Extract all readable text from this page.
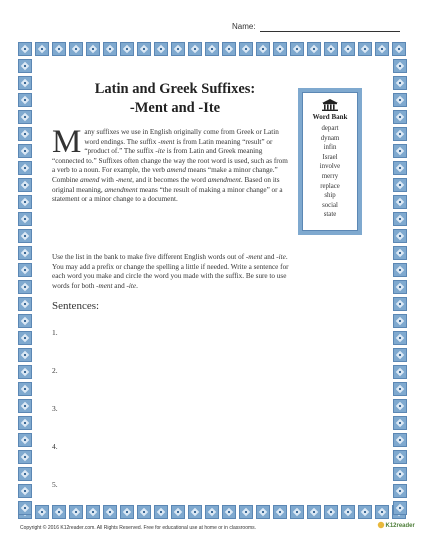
Name:
Latin and Greek Suffixes:
-Ment and -Ite
Many suffixes we use in English originally come from Greek or Latin word endings. The suffix -ment is from Latin meaning “result” or “product of.” The suffix -ite is from Latin and Greek meaning “connected to.” Suffixes often change the way the root word is used, such as from a verb to a noun. For example, the verb amend means “make a minor change.” Combine amend with -ment, and it becomes the word amendment. Based on its original meaning, amendment means “the result of making a minor change” or a statement or a minor change to a document.
Use the list in the bank to make five different English words out of -ment and -ite. You may add a prefix or change the spelling a little if needed. Write a sentence for each word you make and circle the word you made with the suffix. Be sure to use words for both -ment and -ite.
Sentences:
1.
2.
3.
4.
5.
Word Bank
depart
dynam
infin
Israel
involve
merry
replace
ship
social
state
Copyright © 2016 K12reader.com. All Rights Reserved. Free for educational use at home or in classrooms.	K12reader
